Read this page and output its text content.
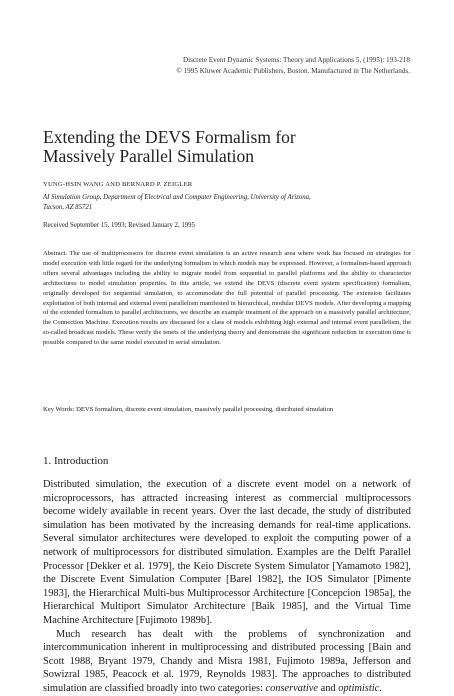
Discrete Event Dynamic Systems: Theory and Applications 5, (1995): 193-218
© 1995 Kluwer Academic Publishers, Boston. Manufactured in The Netherlands.
Extending the DEVS Formalism for
Massively Parallel Simulation
YUNG-HSIN WANG AND BERNARD P. ZEIGLER
AI Simulation Group, Department of Electrical and Computer Engineering, University of Arizona,
Tucson, AZ 85721
Received September 15, 1993; Revised January 2, 1995
Abstract. The use of multiprocessors for discrete event simulation is an active research area where work has focused on strategies for model execution with little regard for the underlying formalism in which models may be expressed. However, a formalism-based approach offers several advantages including the ability to migrate model from sequential to parallel platforms and the ability to characterize architectures to model simulation properties. In this article, we extend the DEVS (discrete event system specification) formalism, originally developed for sequential simulation, to accommodate the full potential of parallel processing. The extension facilitates exploitation of both internal and external event parallelism manifested in hierarchical, modular DEVS models. After developing a mapping of the extended formalism to parallel architectures, we describe an example treatment of the approach on a massively parallel architecture, the Connection Machine. Execution results are discussed for a class of models exhibiting high external and internal event parallelism, the so-called broadcast models. These verify the tenets of the underlying theory and demonstrate the significant reduction in execution time is possible compared to the same model executed in serial simulation.
Key Words: DEVS formalism, discrete event simulation, massively parallel processing, distributed simulation
1. Introduction

Distributed simulation, the execution of a discrete event model on a network of microprocessors, has attracted increasing interest as commercial multiprocessors become widely available in recent years. Over the last decade, the study of distributed simulation has been motivated by the increasing demands for real-time applications. Several simulator architectures were developed to exploit the computing power of a network of multiprocessors for distributed simulation. Examples are the Delft Parallel Processor [Dekker et al. 1979], the Keio Discrete System Simulator [Yamamoto 1982], the Discrete Event Simulation Computer [Barel 1982], the IOS Simulator [Pimente 1983], the Hierarchical Multi-bus Multiprocessor Architecture [Concepcion 1985a], the Hierarchical Multiport Simulator Architecture [Baik 1985], and the Virtual Time Machine Architecture [Fujimoto 1989b].

Much research has dealt with the problems of synchronization and intercommunication inherent in multiprocessing and distributed processing [Bain and Scott 1988, Bryant 1979, Chandy and Misra 1981, Fujimoto 1989a, Jefferson and Sowizral 1985, Peacock et al. 1979, Reynolds 1983]. The approaches to distributed simulation are classified broadly into two categories: conservative and optimistic.
